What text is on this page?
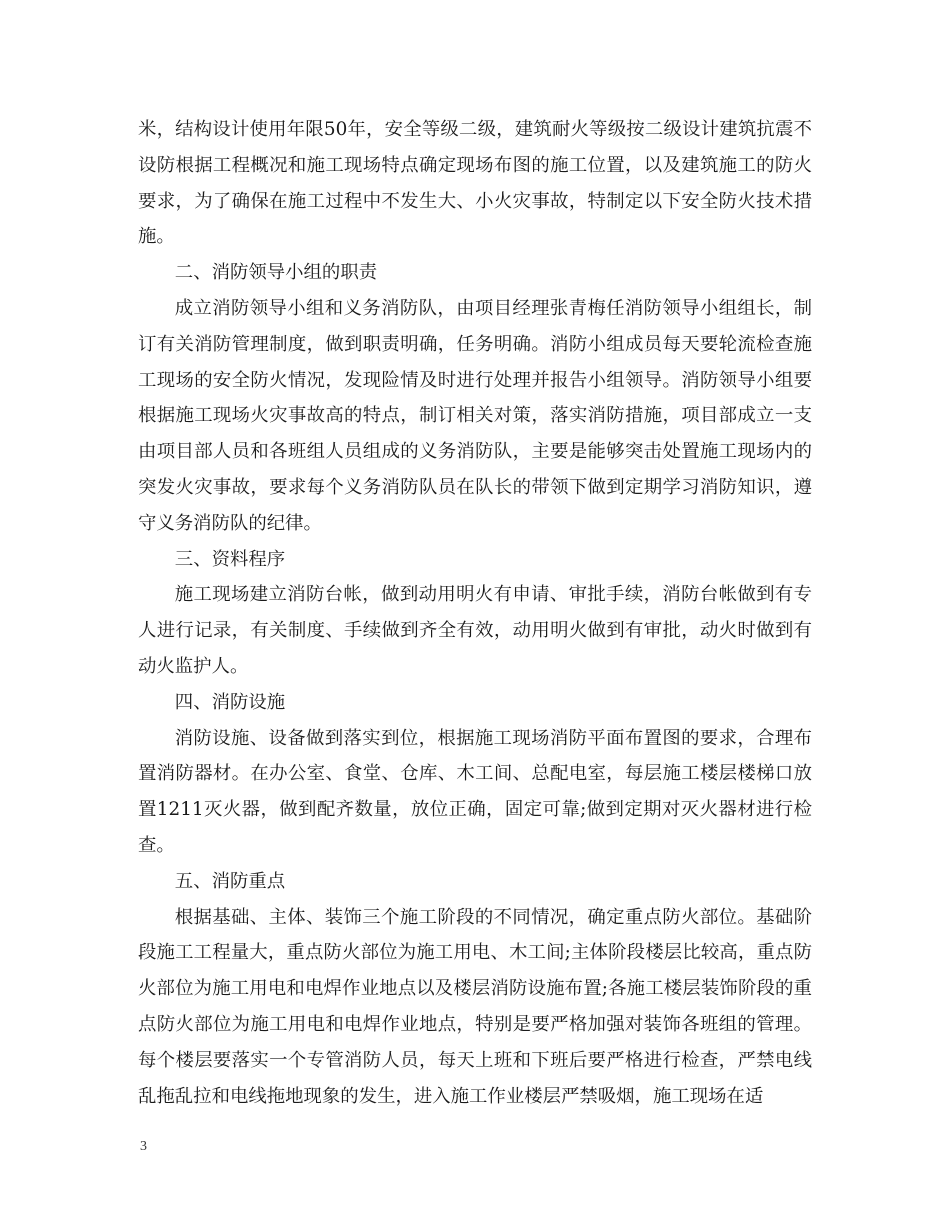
米，结构设计使用年限50年，安全等级二级，建筑耐火等级按二级设计建筑抗震不设防根据工程概况和施工现场特点确定现场布图的施工位置，以及建筑施工的防火要求，为了确保在施工过程中不发生大、小火灾事故，特制定以下安全防火技术措施。

二、消防领导小组的职责

成立消防领导小组和义务消防队，由项目经理张青梅任消防领导小组组长，制订有关消防管理制度，做到职责明确，任务明确。消防小组成员每天要轮流检查施工现场的安全防火情况，发现险情及时进行处理并报告小组领导。消防领导小组要根据施工现场火灾事故高的特点，制订相关对策，落实消防措施，项目部成立一支由项目部人员和各班组人员组成的义务消防队，主要是能够突击处置施工现场内的突发火灾事故，要求每个义务消防队员在队长的带领下做到定期学习消防知识，遵守义务消防队的纪律。

三、资料程序

施工现场建立消防台帐，做到动用明火有申请、审批手续，消防台帐做到有专人进行记录，有关制度、手续做到齐全有效，动用明火做到有审批，动火时做到有动火监护人。

四、消防设施

消防设施、设备做到落实到位，根据施工现场消防平面布置图的要求，合理布置消防器材。在办公室、食堂、仓库、木工间、总配电室，每层施工楼层楼梯口放置1211灭火器，做到配齐数量，放位正确，固定可靠;做到定期对灭火器材进行检查。

五、消防重点

根据基础、主体、装饰三个施工阶段的不同情况，确定重点防火部位。基础阶段施工工程量大，重点防火部位为施工用电、木工间;主体阶段楼层比较高，重点防火部位为施工用电和电焊作业地点以及楼层消防设施布置;各施工楼层装饰阶段的重点防火部位为施工用电和电焊作业地点，特别是要严格加强对装饰各班组的管理。每个楼层要落实一个专管消防人员，每天上班和下班后要严格进行检查，严禁电线乱拖乱拉和电线拖地现象的发生，进入施工作业楼层严禁吸烟，施工现场在适

3
